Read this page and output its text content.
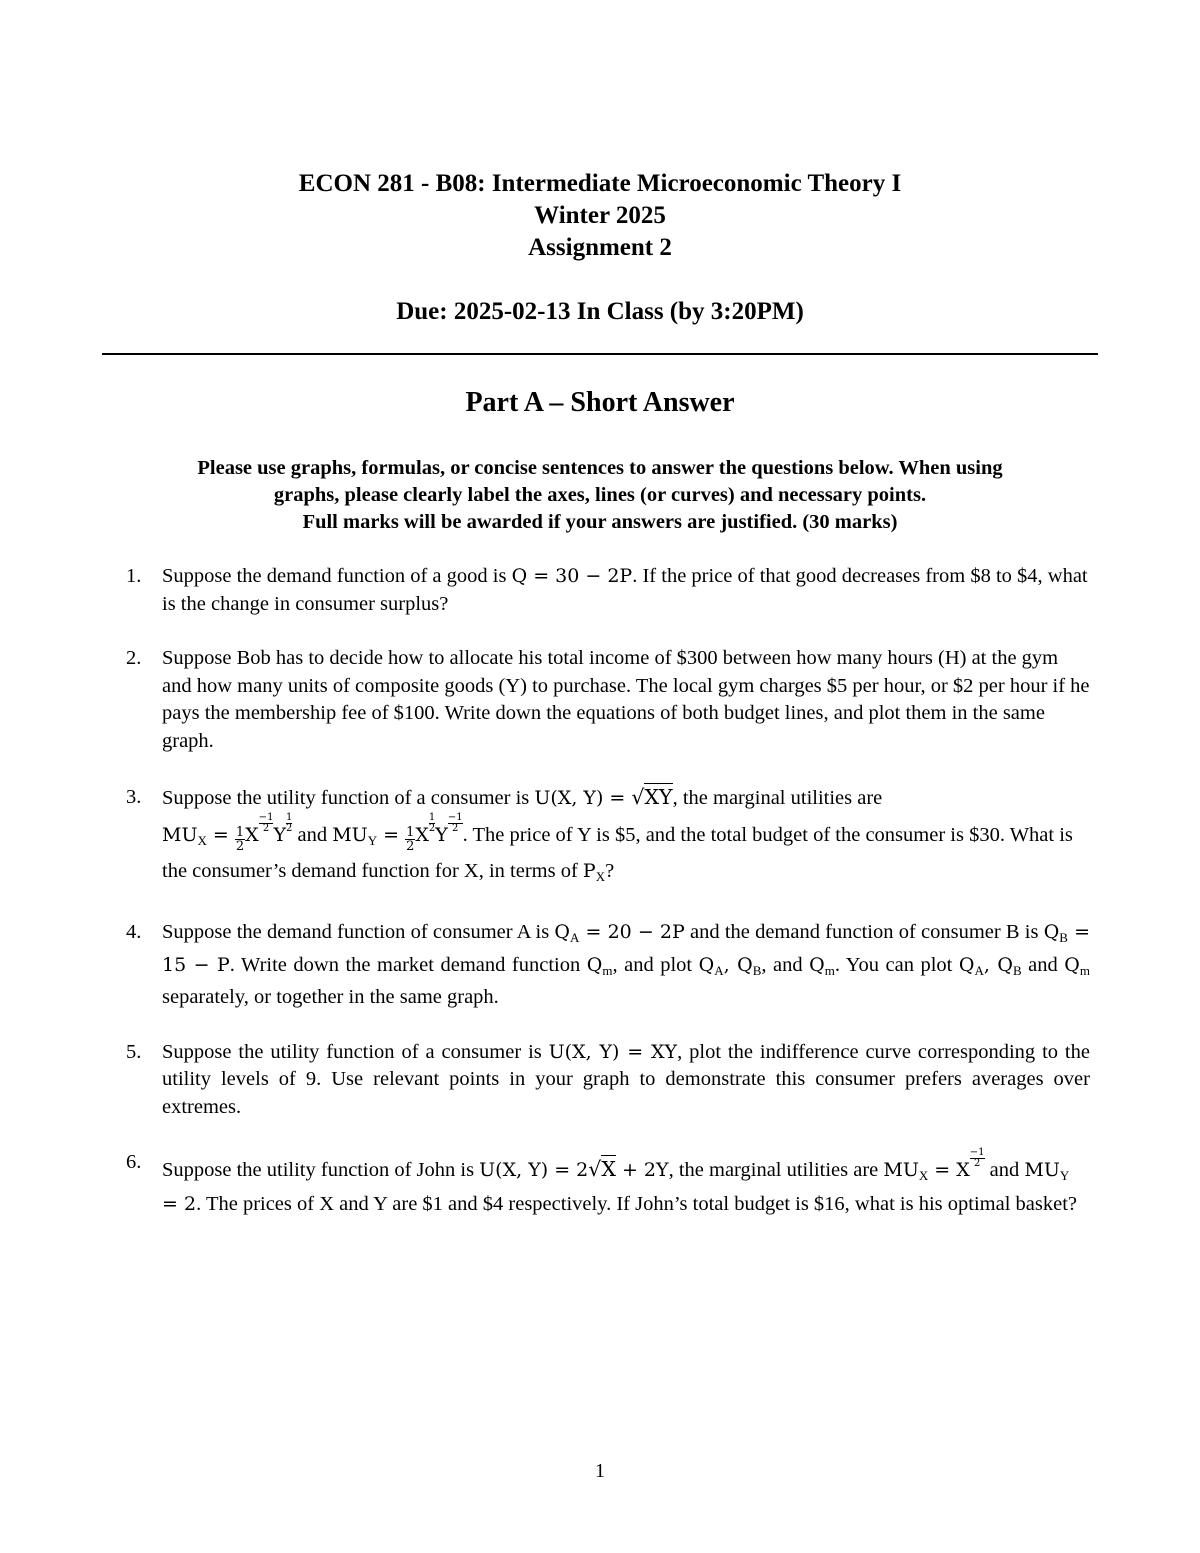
ECON 281 - B08: Intermediate Microeconomic Theory I
Winter 2025
Assignment 2
Due: 2025-02-13 In Class (by 3:20PM)
Part A – Short Answer
Please use graphs, formulas, or concise sentences to answer the questions below. When using
graphs, please clearly label the axes, lines (or curves) and necessary points.
Full marks will be awarded if your answers are justified. (30 marks)
1. Suppose the demand function of a good is Q = 30 − 2P. If the price of that good decreases from $8 to $4, what is the change in consumer surplus?
2. Suppose Bob has to decide how to allocate his total income of $300 between how many hours (H) at the gym and how many units of composite goods (Y) to purchase. The local gym charges $5 per hour, or $2 per hour if he pays the membership fee of $100. Write down the equations of both budget lines, and plot them in the same graph.
3. Suppose the utility function of a consumer is U(X, Y) = √XY, the marginal utilities are
$MU_X = \frac{1}{2}$ X
$\frac{-1}{2}$
Y
$\frac{1}{2}$
and $MU_Y = \frac{1}{2}$ X
$\frac{1}{2}$
Y
$\frac{-1}{2}$
. The price of Y is $5, and the total budget of the consumer is $30. What is the consumer’s demand function for X, in terms of $P_X$?
4. Suppose the demand function of consumer A is $Q_A = 20 - 2P$ and the demand function of consumer B is $Q_B = 15 - P$. Write down the market demand function $Q_m$, and plot $Q_A$, $Q_B$, and $Q_m$. You can plot $Q_A$, $Q_B$ and $Q_m$ separately, or together in the same graph.
5. Suppose the utility function of a consumer is U(X, Y) = XY, plot the indifference curve corresponding to the utility levels of 9. Use relevant points in your graph to demonstrate this consumer prefers averages over extremes.
6. Suppose the utility function of John is U(X, Y) = 2√X + 2Y, the marginal utilities are $MU_X = X$
$\frac{-1}{2}$
and $MU_Y = 2$. The prices of X and Y are $1 and $4 respectively. If John’s total budget is $16, what is his optimal basket?
1
